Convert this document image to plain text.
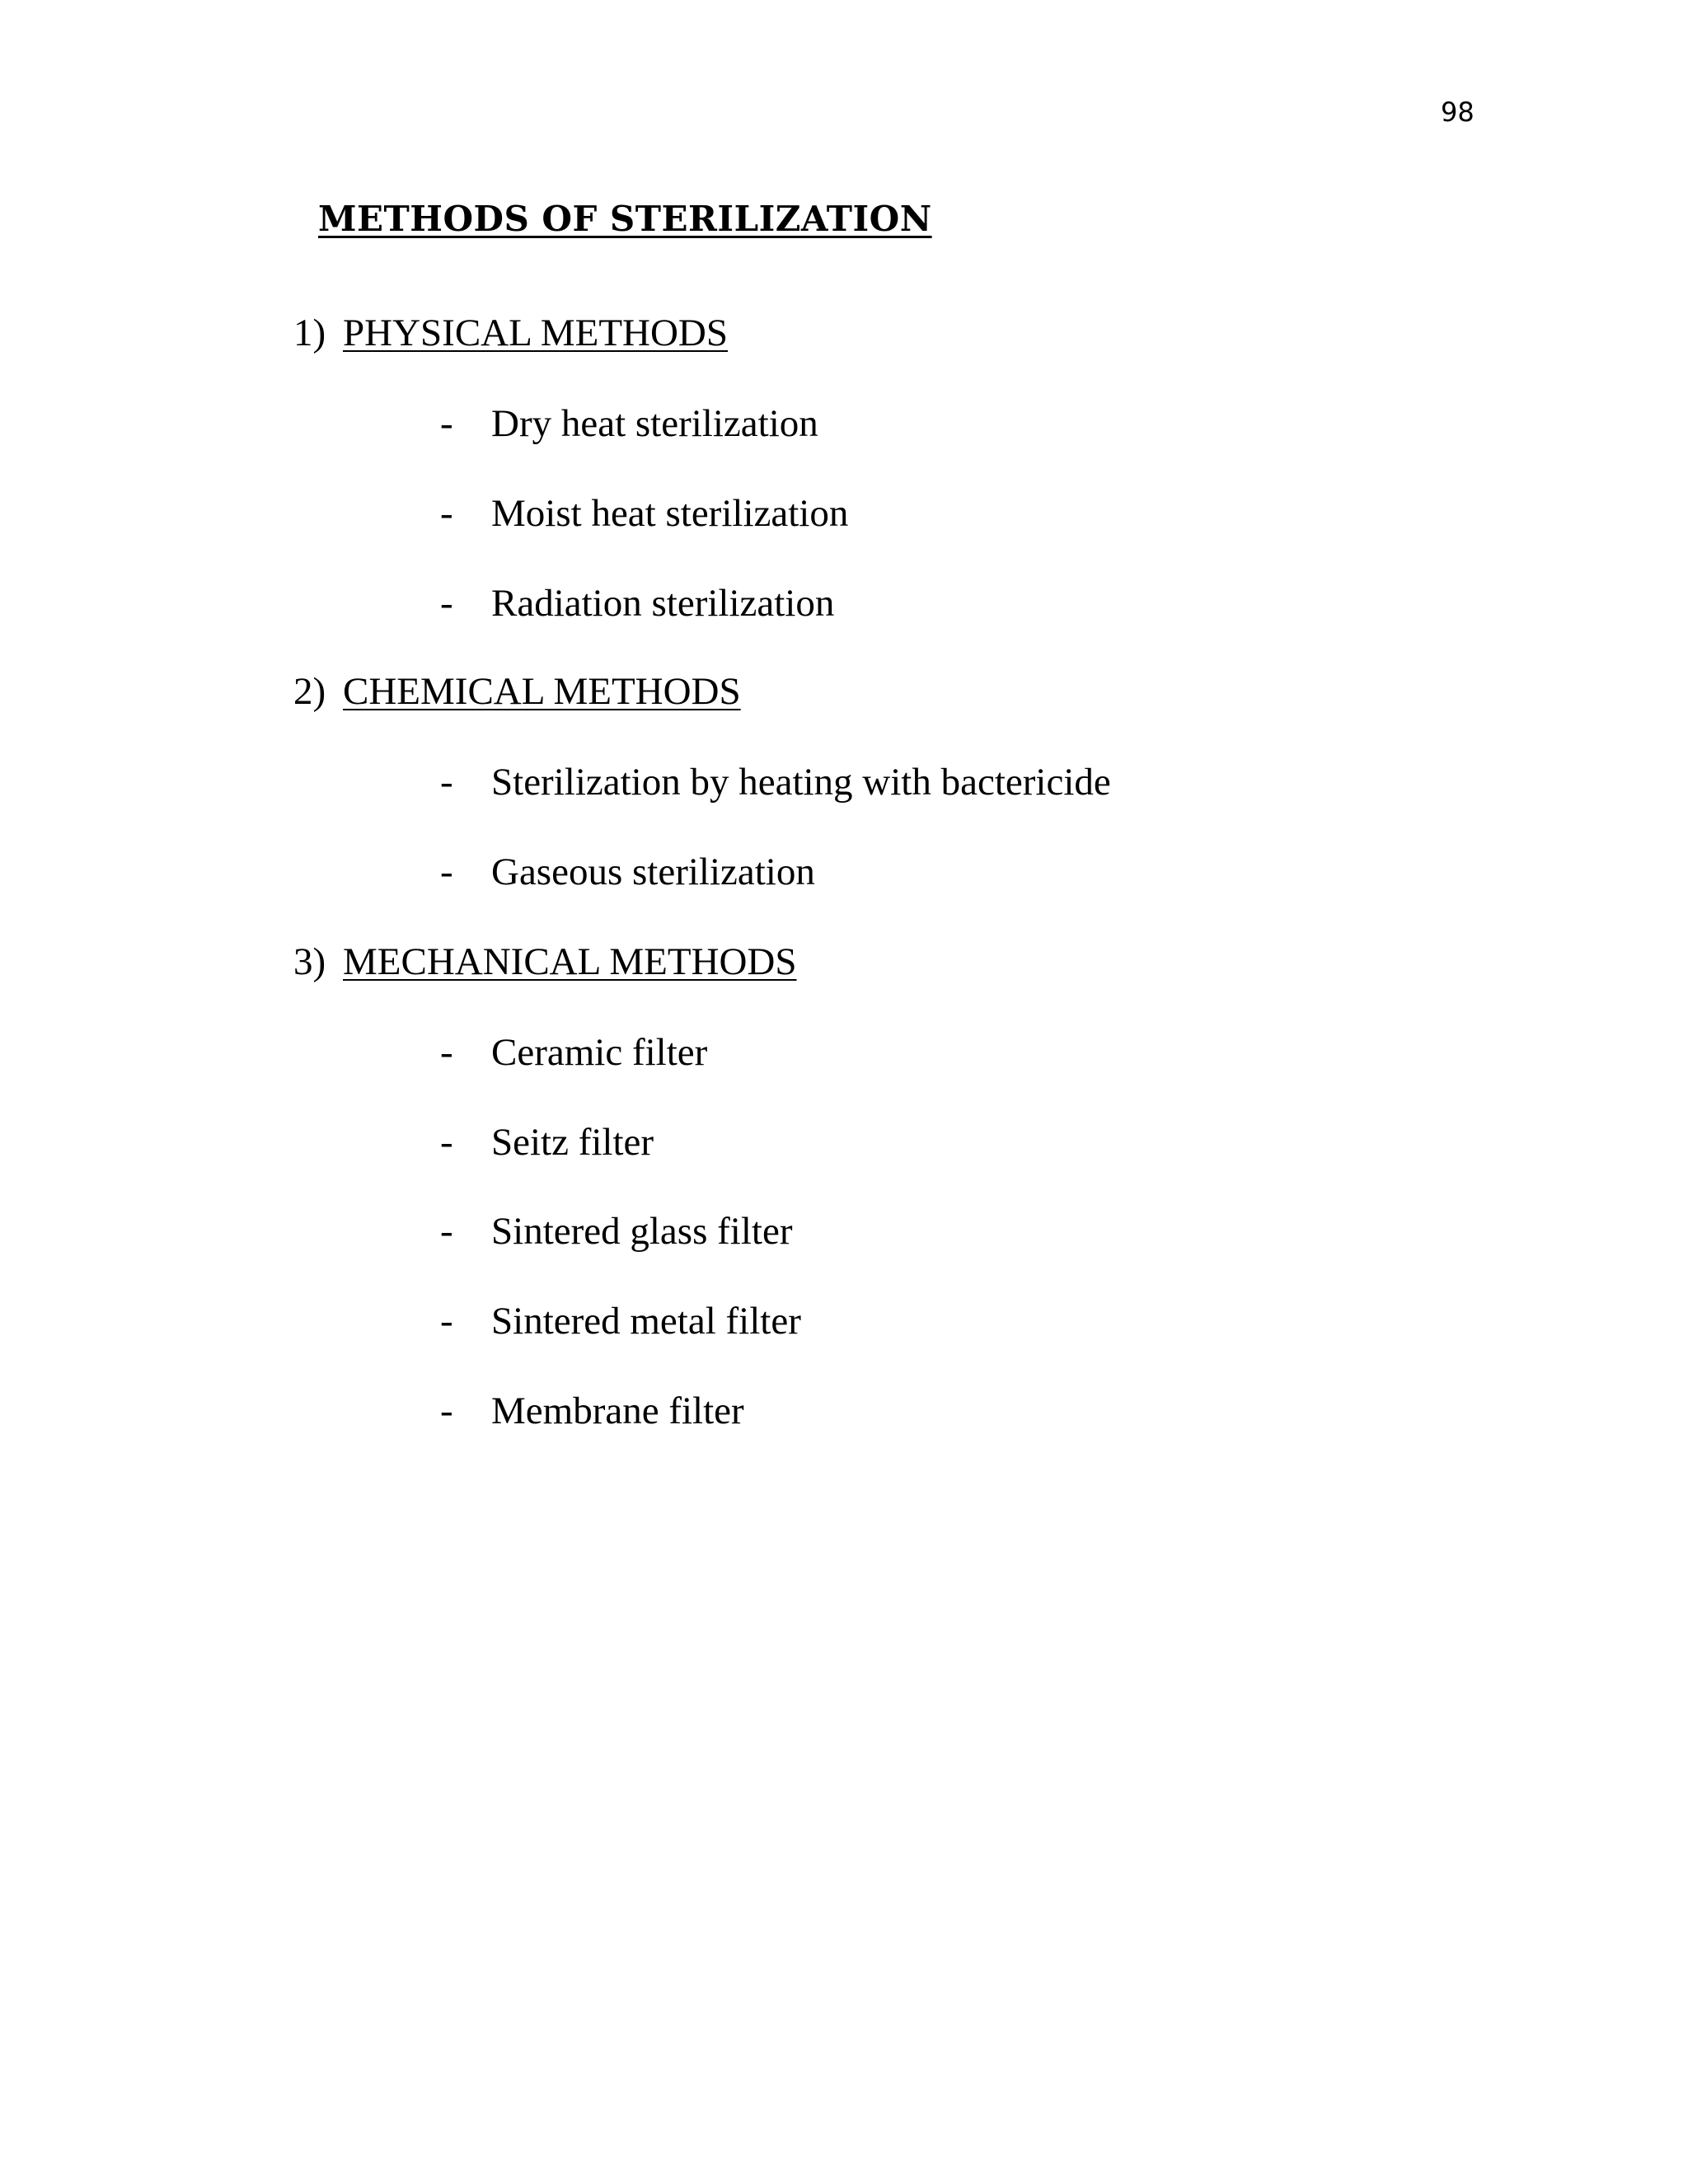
98
METHODS OF STERILIZATION
1) PHYSICAL METHODS
- Dry heat sterilization
- Moist heat sterilization
- Radiation sterilization
2) CHEMICAL METHODS
- Sterilization by heating with bactericide
- Gaseous sterilization
3) MECHANICAL METHODS
- Ceramic filter
- Seitz filter
- Sintered glass filter
- Sintered metal filter
- Membrane filter
